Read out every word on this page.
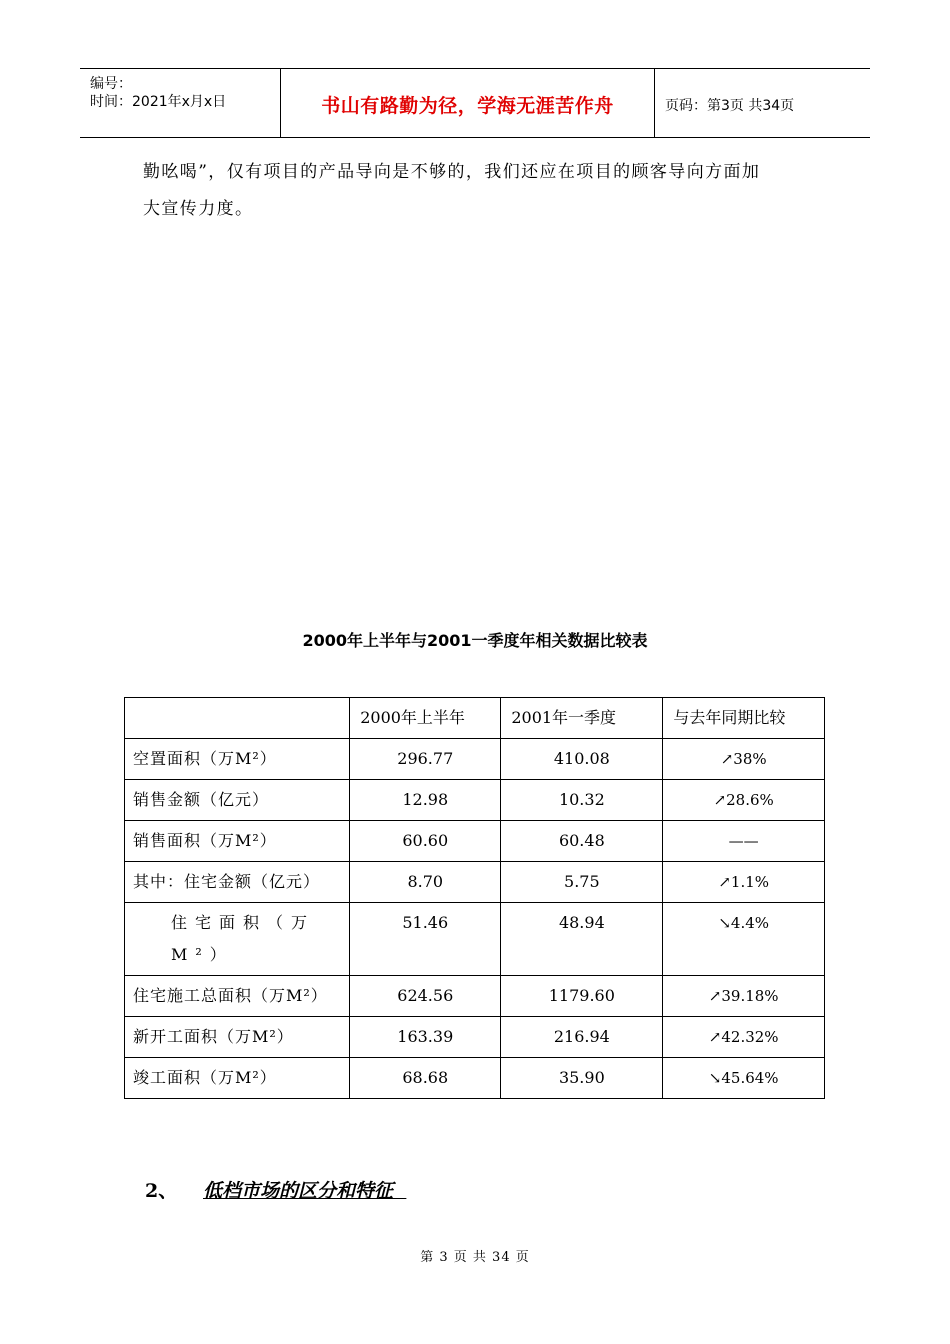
编号：
时间：2021年x月x日	书山有路勤为径，学海无涯苦作舟	页码：第3页 共34页
勤吆喝”，仅有项目的产品导向是不够的，我们还应在项目的顾客导向方面加
大宣传力度。
2000年上半年与2001一季度年相关数据比较表
	2000年上半年	2001年一季度	与去年同期比较
空置面积（万M²）	296.77	410.08	↗38%
销售金额（亿元）	12.98	10.32	↗28.6%
销售面积（万M²）	60.60	60.48	——
其中：住宅金额（亿元）	8.70	5.75	↗1.1%
住宅面积（万M²）	51.46	48.94	↘4.4%
住宅施工总面积（万M²）	624.56	1179.60	↗39.18%
新开工面积（万M²）	163.39	216.94	↗42.32%
竣工面积（万M²）	68.68	35.90	↘45.64%
2、 低档市场的区分和特征
第 3 页 共 34 页
